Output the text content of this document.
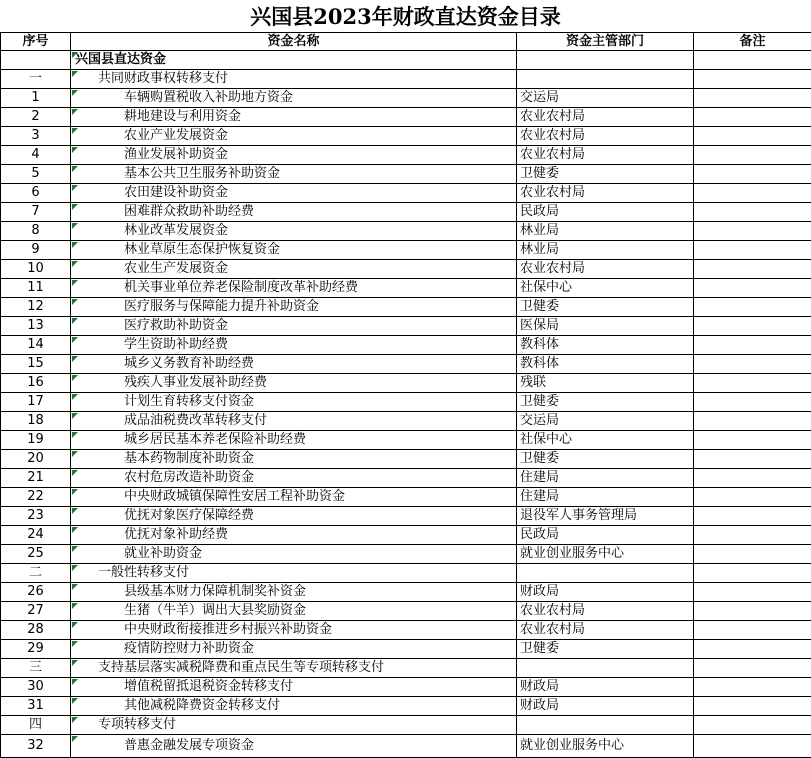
兴国县2023年财政直达资金目录
序号	资金名称	资金主管部门	备注

兴国县直达资金		
一	共同财政事权转移支付		
1	车辆购置税收入补助地方资金	交运局	
2	耕地建设与利用资金	农业农村局	
3	农业产业发展资金	农业农村局	
4	渔业发展补助资金	农业农村局	
5	基本公共卫生服务补助资金	卫健委	
6	农田建设补助资金	农业农村局	
7	困难群众救助补助经费	民政局	
8	林业改革发展资金	林业局	
9	林业草原生态保护恢复资金	林业局	
10	农业生产发展资金	农业农村局	
11	机关事业单位养老保险制度改革补助经费	社保中心	
12	医疗服务与保障能力提升补助资金	卫健委	
13	医疗救助补助资金	医保局	
14	学生资助补助经费	教科体	
15	城乡义务教育补助经费	教科体	
16	残疾人事业发展补助经费	残联	
17	计划生育转移支付资金	卫健委	
18	成品油税费改革转移支付	交运局	
19	城乡居民基本养老保险补助经费	社保中心	
20	基本药物制度补助资金	卫健委	
21	农村危房改造补助资金	住建局	
22	中央财政城镇保障性安居工程补助资金	住建局	
23	优抚对象医疗保障经费	退役军人事务管理局	
24	优抚对象补助经费	民政局	
25	就业补助资金	就业创业服务中心	
二	一般性转移支付		
26	县级基本财力保障机制奖补资金	财政局	
27	生猪（牛羊）调出大县奖励资金	农业农村局	
28	中央财政衔接推进乡村振兴补助资金	农业农村局	
29	疫情防控财力补助资金	卫健委	
三	支持基层落实减税降费和重点民生等专项转移支付		
30	增值税留抵退税资金转移支付	财政局	
31	其他减税降费资金转移支付	财政局	
四	专项转移支付		
32	普惠金融发展专项资金	就业创业服务中心	
